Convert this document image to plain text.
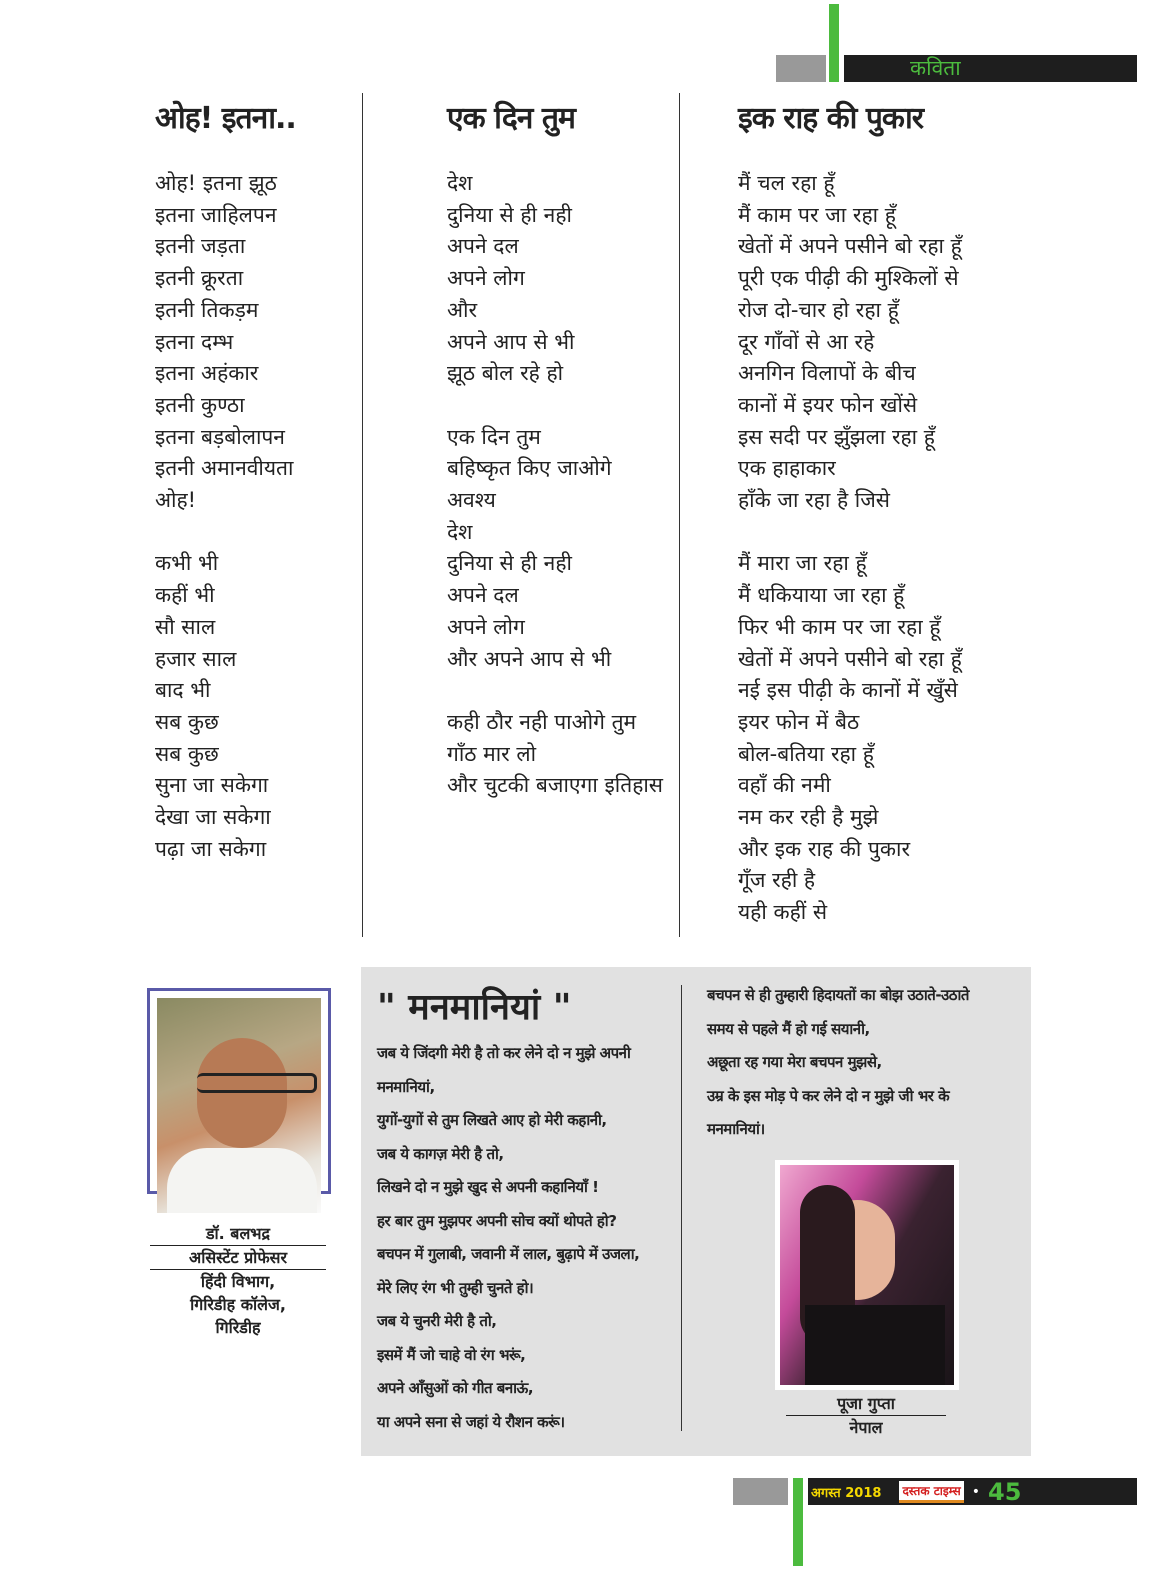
कविता
ओह! इतना..
ओह! इतना झूठ
इतना जाहिलपन
इतनी जड़ता
इतनी क्रूरता
इतनी तिकड़म
इतना दम्भ
इतना अहंकार
इतनी कुण्ठा
इतना बड़बोलापन
इतनी अमानवीयता
ओह!
कभी भी
कहीं भी
सौ साल
हजार साल
बाद भी
सब कुछ
सब कुछ
सुना जा सकेगा
देखा जा सकेगा
पढ़ा जा सकेगा
एक दिन तुम
देश
दुनिया से ही नही
अपने दल
अपने लोग
और
अपने आप से भी
झूठ बोल रहे हो
एक दिन तुम
बहिष्कृत किए जाओगे
अवश्य
देश
दुनिया से ही नही
अपने दल
अपने लोग
और अपने आप से भी
कही ठौर नही पाओगे तुम
गाँठ मार लो
और चुटकी बजाएगा इतिहास
इक राह की पुकार
मैं चल रहा हूँ
मैं काम पर जा रहा हूँ
खेतों में अपने पसीने बो रहा हूँ
पूरी एक पीढ़ी की मुश्किलों से
रोज दो-चार हो रहा हूँ
दूर गाँवों से आ रहे
अनगिन विलापों के बीच
कानों में इयर फोन खोंसे
इस सदी पर झुँझला रहा हूँ
एक हाहाकार
हाँके जा रहा है जिसे
मैं मारा जा रहा हूँ
मैं धकियाया जा रहा हूँ
फिर भी काम पर जा रहा हूँ
खेतों में अपने पसीने बो रहा हूँ
नई इस पीढ़ी के कानों में खुँसे
इयर फोन में बैठ
बोल-बतिया रहा हूँ
वहाँ की नमी
नम कर रही है मुझे
और इक राह की पुकार
गूँज रही है
यही कहीं से
डॉ. बलभद्र
असिस्टेंट प्रोफेसर
हिंदी विभाग,
गिरिडीह कॉलेज,
गिरिडीह
" मनमानियां "
जब ये जिंदगी मेरी है तो कर लेने दो न मुझे अपनी
मनमानियां,
युगों-युगों से तुम लिखते आए हो मेरी कहानी,
जब ये कागज़ मेरी है तो,
लिखने दो न मुझे खुद से अपनी कहानियाँ !
हर बार तुम मुझपर अपनी सोच क्यों थोपते हो?
बचपन में गुलाबी, जवानी में लाल, बुढ़ापे में उजला,
मेरे लिए रंग भी तुम्ही चुनते हो।
जब ये चुनरी मेरी है तो,
इसमें मैं जो चाहे वो रंग भरूं,
अपने आँसुओं को गीत बनाऊं,
या अपने सना से जहां ये रौशन करूं।
बचपन से ही तुम्हारी हिदायतों का बोझ उठाते-उठाते
समय से पहले मैं हो गई सयानी,
अछूता रह गया मेरा बचपन मुझसे,
उम्र के इस मोड़ पे कर लेने दो न मुझे जी भर के
मनमानियां।
पूजा गुप्ता
नेपाल
अगस्त 2018 दस्तक टाइम्स • 45
